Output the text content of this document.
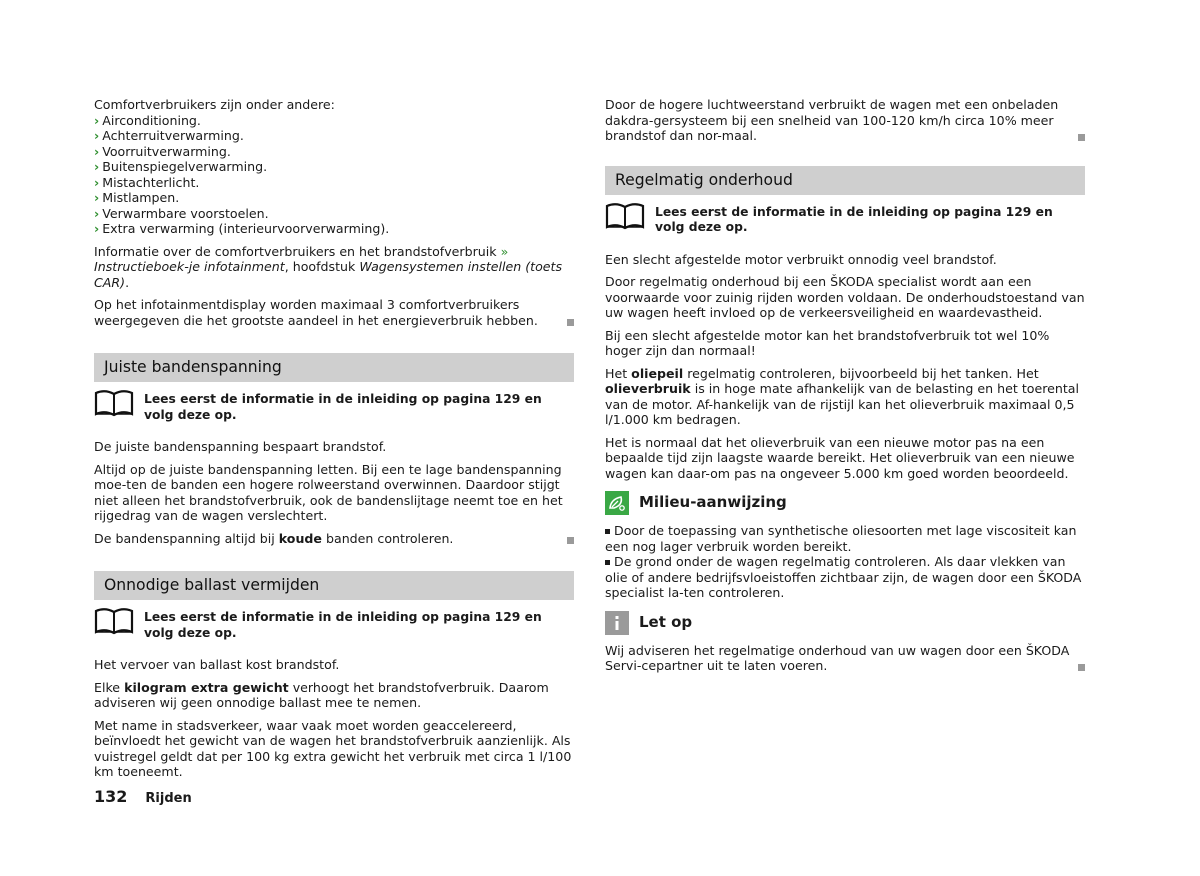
Comfortverbruikers zijn onder andere:

› Airconditioning.
› Achterruitverwarming.
› Voorruitverwarming.
› Buitenspiegelverwarming.
› Mistachterlicht.
› Mistlampen.
› Verwarmbare voorstoelen.
› Extra verwarming (interieurvoorverwarming).

Informatie over de comfortverbruikers en het brandstofverbruik » Instructieboek-je infotainment, hoofdstuk Wagensystemen instellen (toets CAR).

Op het infotainmentdisplay worden maximaal 3 comfortverbruikers weergegeven die het grootste aandeel in het energieverbruik hebben.

Juiste bandenspanning
Lees eerst de informatie in de inleiding op pagina 129 en volg deze op.

De juiste bandenspanning bespaart brandstof.

Altijd op de juiste bandenspanning letten. Bij een te lage bandenspanning moe-ten de banden een hogere rolweerstand overwinnen. Daardoor stijgt niet alleen het brandstofverbruik, ook de bandenslijtage neemt toe en het rijgedrag van de wagen verslechtert.

De bandenspanning altijd bij koude banden controleren.

Onnodige ballast vermijden
Lees eerst de informatie in de inleiding op pagina 129 en volg deze op.

Het vervoer van ballast kost brandstof.

Elke kilogram extra gewicht verhoogt het brandstofverbruik. Daarom adviseren wij geen onnodige ballast mee te nemen.

Met name in stadsverkeer, waar vaak moet worden geaccelereerd, beïnvloedt het gewicht van de wagen het brandstofverbruik aanzienlijk. Als vuistregel geldt dat per 100 kg extra gewicht het verbruik met circa 1 l/100 km toeneemt.

Door de hogere luchtweerstand verbruikt de wagen met een onbeladen dakdra-gersysteem bij een snelheid van 100-120 km/h circa 10% meer brandstof dan nor-maal.

Regelmatig onderhoud
Lees eerst de informatie in de inleiding op pagina 129 en volg deze op.

Een slecht afgestelde motor verbruikt onnodig veel brandstof.

Door regelmatig onderhoud bij een ŠKODA specialist wordt aan een voorwaarde voor zuinig rijden worden voldaan. De onderhoudstoestand van uw wagen heeft invloed op de verkeersveiligheid en waardevastheid.

Bij een slecht afgestelde motor kan het brandstofverbruik tot wel 10% hoger zijn dan normaal!

Het oliepeil regelmatig controleren, bijvoorbeeld bij het tanken. Het olieverbruik is in hoge mate afhankelijk van de belasting en het toerental van de motor. Af-hankelijk van de rijstijl kan het olieverbruik maximaal 0,5 l/1.000 km bedragen.

Het is normaal dat het olieverbruik van een nieuwe motor pas na een bepaalde tijd zijn laagste waarde bereikt. Het olieverbruik van een nieuwe wagen kan daar-om pas na ongeveer 5.000 km goed worden beoordeeld.

Milieu-aanwijzing

Door de toepassing van synthetische oliesoorten met lage viscositeit kan een nog lager verbruik worden bereikt.

De grond onder de wagen regelmatig controleren. Als daar vlekken van olie of andere bedrijfsvloeistoffen zichtbaar zijn, de wagen door een ŠKODA specialist la-ten controleren.

Let op

Wij adviseren het regelmatige onderhoud van uw wagen door een ŠKODA Servi-cepartner uit te laten voeren.

132 Rijden
